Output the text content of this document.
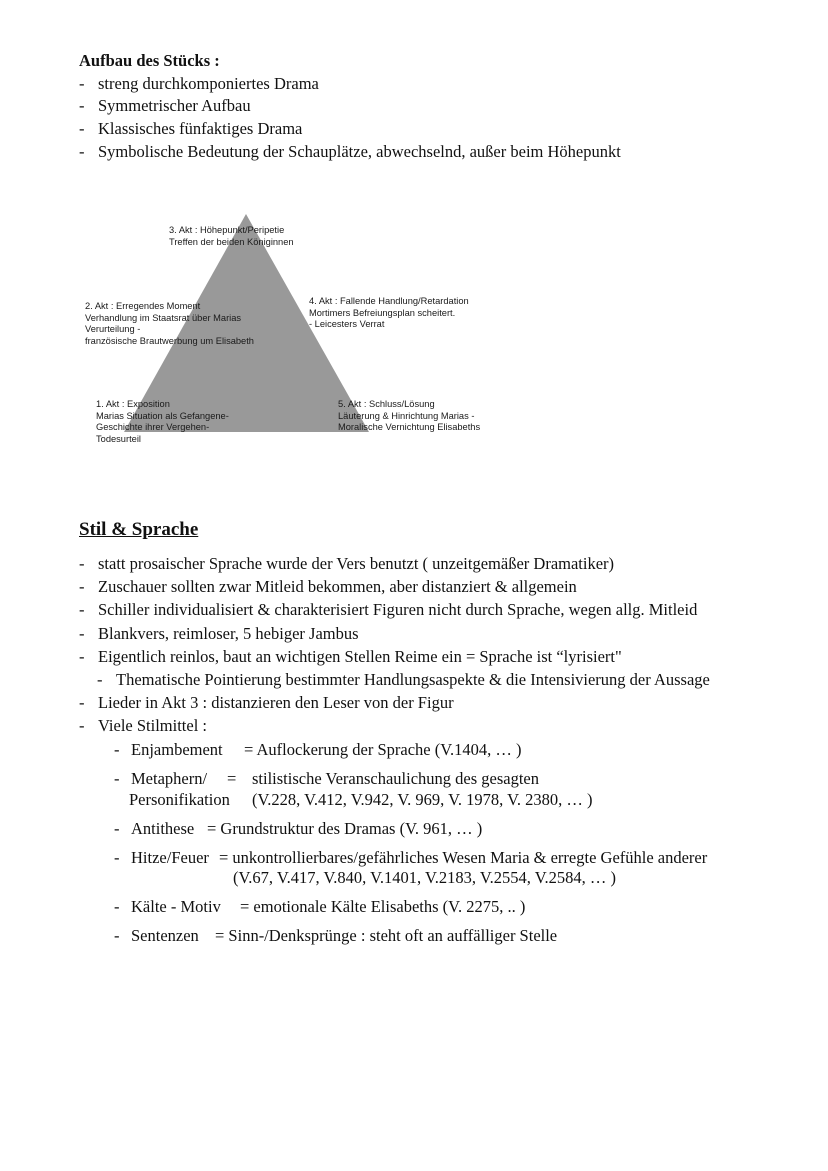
Aufbau des Stücks :
- streng durchkomponiertes Drama
- Symmetrischer Aufbau
- Klassisches fünfaktiges Drama
- Symbolische Bedeutung der Schauplätze, abwechselnd, außer beim Höhepunkt
3. Akt : Höhepunkt/Peripetie
Treffen der beiden Königinnen
2. Akt : Erregendes Moment
Verhandlung im Staatsrat über Marias
Verurteilung -
französische Brautwerbung um Elisabeth
4. Akt : Fallende Handlung/Retardation
Mortimers Befreiungsplan scheitert.
- Leicesters Verrat
1. Akt : Exposition
Marias Situation als Gefangene-
Geschichte ihrer Vergehen-
Todesurteil
5. Akt : Schluss/Lösung
Läuterung & Hinrichtung Marias -
Moralische Vernichtung Elisabeths
Stil & Sprache
- statt prosaischer Sprache wurde der Vers benutzt ( unzeitgemäßer Dramatiker)
- Zuschauer sollten zwar Mitleid bekommen, aber distanziert & allgemein
- Schiller individualisiert & charakterisiert Figuren nicht durch Sprache, wegen allg. Mitleid
- Blankvers, reimloser, 5 hebiger Jambus
- Eigentlich reinlos, baut an wichtigen Stellen Reime ein = Sprache ist “lyrisiert"
- Thematische Pointierung bestimmter Handlungsaspekte & die Intensivierung der Aussage
- Lieder in Akt 3 : distanzieren den Leser von der Figur
- Viele Stilmittel :
- Enjambement = Auflockerung der Sprache (V.1404, … )
- Metaphern/ = stilistische Veranschaulichung des gesagten
Personifikation (V.228, V.412, V.942, V. 969, V. 1978, V. 2380, … )
- Antithese = Grundstruktur des Dramas (V. 961, … )
- Hitze/Feuer = unkontrollierbares/gefährliches Wesen Maria & erregte Gefühle anderer
(V.67, V.417, V.840, V.1401, V.2183, V.2554, V.2584, … )
- Kälte - Motiv = emotionale Kälte Elisabeths (V. 2275, .. )
- Sentenzen = Sinn-/Denksprünge : steht oft an auffälliger Stelle
